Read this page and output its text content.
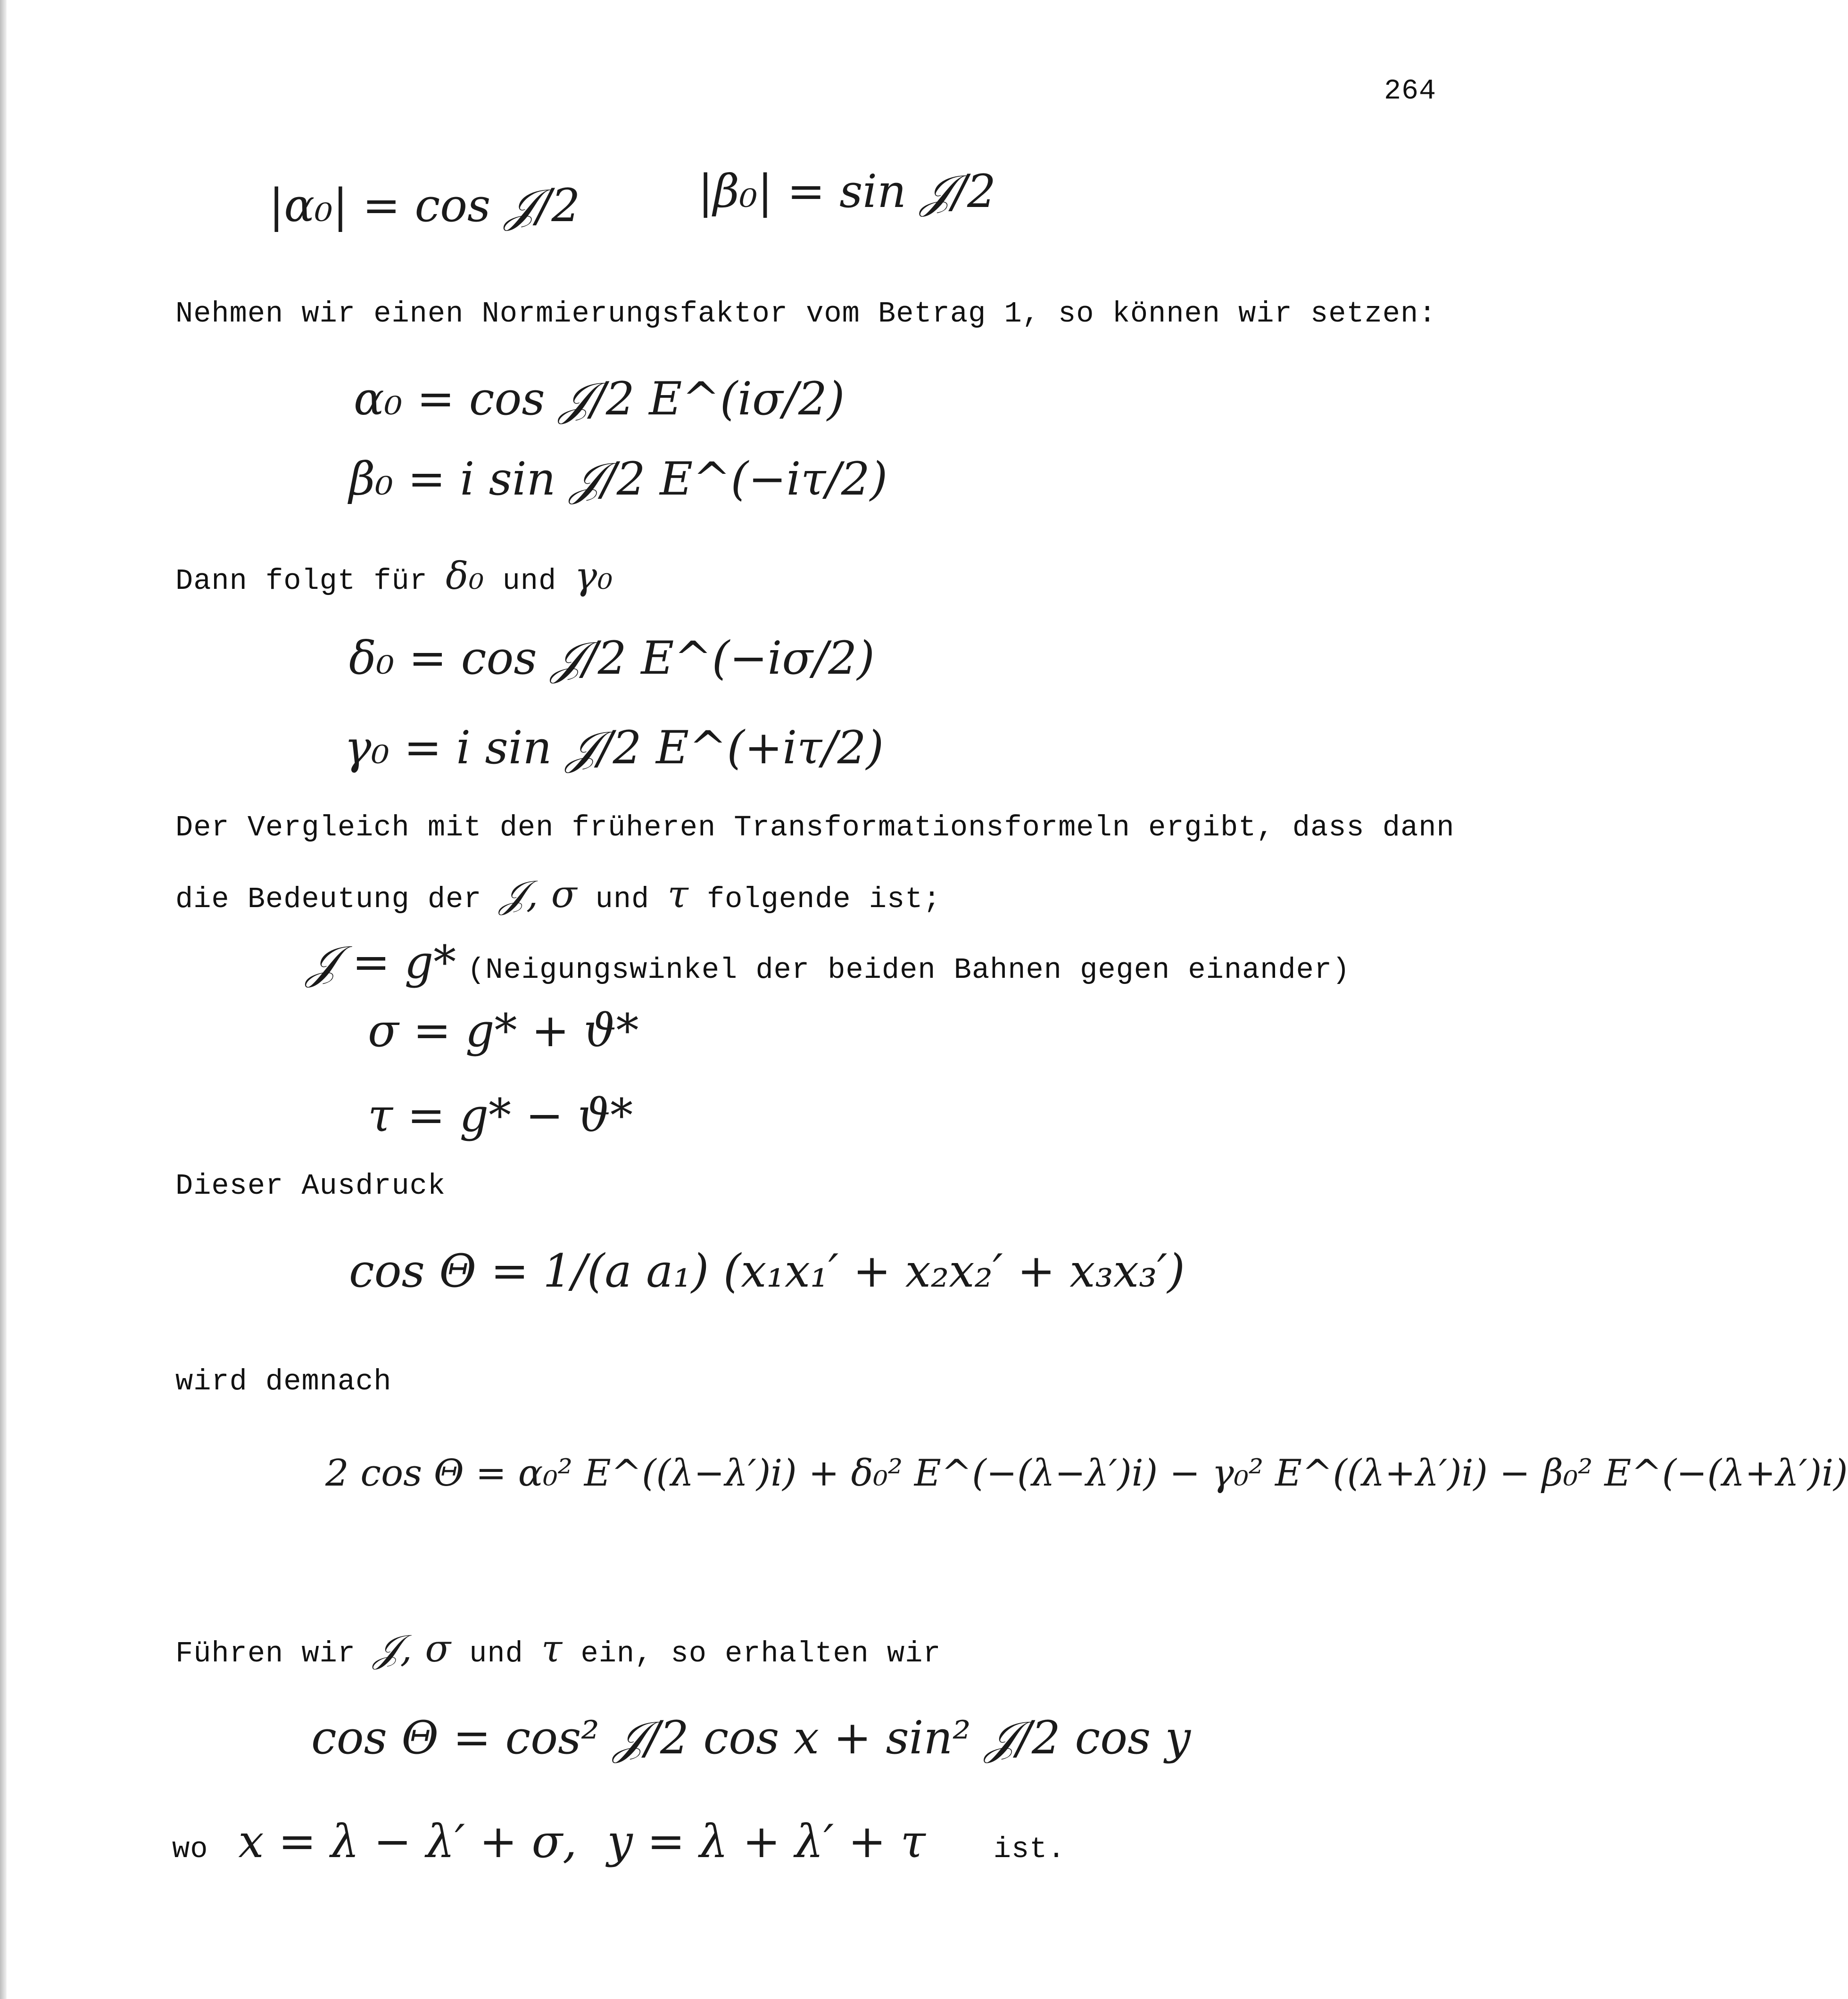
264
|α₀| = cos 𝒥/2	|β₀| = sin 𝒥/2
Nehmen wir einen Normierungsfaktor vom Betrag 1, so können wir setzen:
α₀ = cos 𝒥/2 E^(iσ/2)
β₀ = i sin 𝒥/2 E^(−iτ/2)
Dann folgt für δ₀ und γ₀
δ₀ = cos 𝒥/2 E^(−iσ/2)
γ₀ = i sin 𝒥/2 E^(+iτ/2)
Der Vergleich mit den früheren Transformationsformeln ergibt, dass dann
die Bedeutung der 𝒥, σ und τ folgende ist;
𝒥 = g* (Neigungswinkel der beiden Bahnen gegen einander)
σ = g* + ϑ*
τ = g* − ϑ*
Dieser Ausdruck
cos Θ = 1/(a a₁) (x₁x₁′ + x₂x₂′ + x₃x₃′)
wird demnach
2 cos Θ = α₀² E^((λ−λ′)i) + δ₀² E^(−(λ−λ′)i) − γ₀² E^((λ+λ′)i) − β₀² E^(−(λ+λ′)i)
Führen wir 𝒥, σ und τ ein, so erhalten wir
cos Θ = cos² 𝒥/2 cos x + sin² 𝒥/2 cos y
wo x = λ − λ′ + σ, y = λ + λ′ + τ ist.
